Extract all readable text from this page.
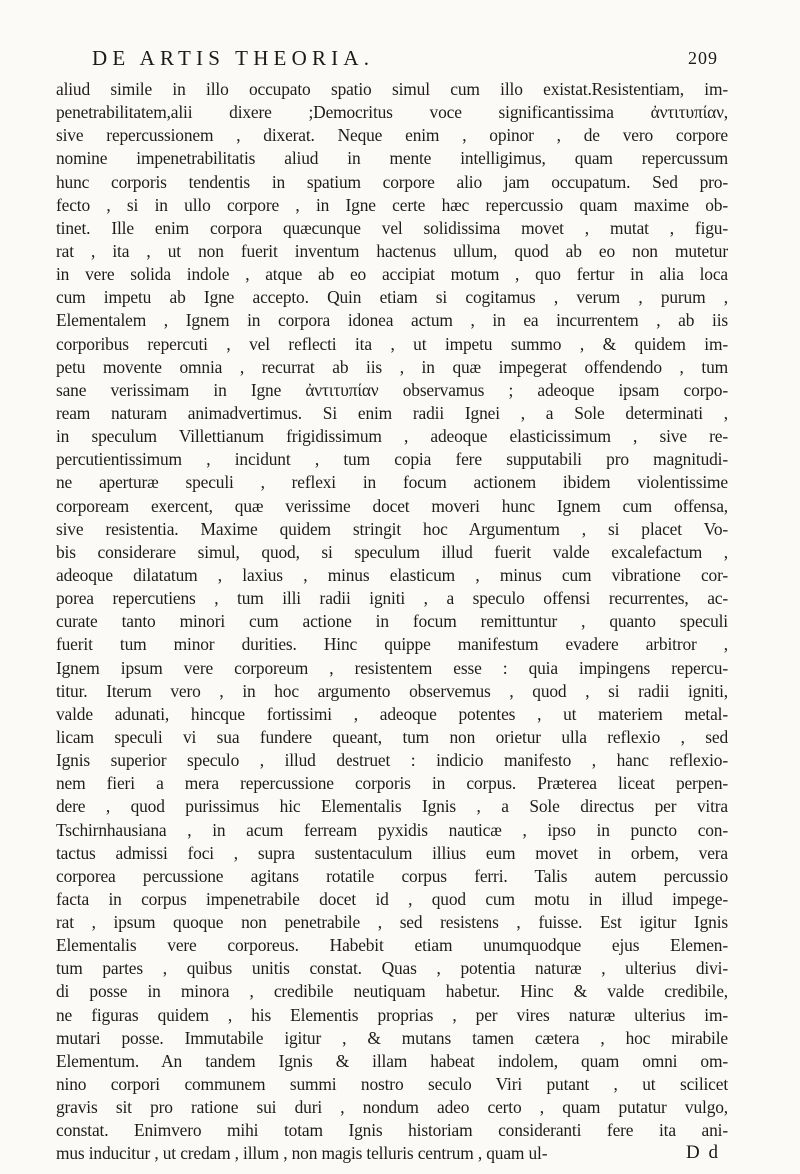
DE ARTIS THEORIA.	209
aliud simile in illo occupato spatio simul cum illo existat.Resistentiam, im-
penetrabilitatem,alii dixere ;Democritus voce significantissima ἀντιτυπίαν,
sive repercussionem , dixerat. Neque enim , opinor , de vero corpore
nomine impenetrabilitatis aliud in mente intelligimus, quam repercussum
hunc corporis tendentis in spatium corpore alio jam occupatum. Sed pro-
fecto , si in ullo corpore , in Igne certe hæc repercussio quam maxime ob-
tinet. Ille enim corpora quæcunque vel solidissima movet , mutat , figu-
rat , ita , ut non fuerit inventum hactenus ullum, quod ab eo non mutetur
in vere solida indole , atque ab eo accipiat motum , quo fertur in alia loca
cum impetu ab Igne accepto. Quin etiam si cogitamus , verum , purum ,
Elementalem , Ignem in corpora idonea actum , in ea incurrentem , ab iis
corporibus repercuti , vel reflecti ita , ut impetu summo , & quidem im-
petu movente omnia , recurrat ab iis , in quæ impegerat offendendo , tum
sane verissimam in Igne ἀντιτυπίαν observamus ; adeoque ipsam corpo-
ream naturam animadvertimus. Si enim radii Ignei , a Sole determinati ,
in speculum Villettianum frigidissimum , adeoque elasticissimum , sive re-
percutientissimum , incidunt , tum copia fere supputabili pro magnitudi-
ne aperturæ speculi , reflexi in focum actionem ibidem violentissime
corpoream exercent, quæ verissime docet moveri hunc Ignem cum offensa,
sive resistentia. Maxime quidem stringit hoc Argumentum , si placet Vo-
bis considerare simul, quod, si speculum illud fuerit valde excalefactum ,
adeoque dilatatum , laxius , minus elasticum , minus cum vibratione cor-
porea repercutiens , tum illi radii igniti , a speculo offensi recurrentes, ac-
curate tanto minori cum actione in focum remittuntur , quanto speculi
fuerit tum minor durities. Hinc quippe manifestum evadere arbitror ,
Ignem ipsum vere corporeum , resistentem esse : quia impingens repercu-
titur. Iterum vero , in hoc argumento observemus , quod , si radii igniti,
valde adunati, hincque fortissimi , adeoque potentes , ut materiem metal-
licam speculi vi sua fundere queant, tum non orietur ulla reflexio , sed
Ignis superior speculo , illud destruet : indicio manifesto , hanc reflexio-
nem fieri a mera repercussione corporis in corpus. Præterea liceat perpen-
dere , quod purissimus hic Elementalis Ignis , a Sole directus per vitra
Tschirnhausiana , in acum ferream pyxidis nauticæ , ipso in puncto con-
tactus admissi foci , supra sustentaculum illius eum movet in orbem, vera
corporea percussione agitans rotatile corpus ferri. Talis autem percussio
facta in corpus impenetrabile docet id , quod cum motu in illud impege-
rat , ipsum quoque non penetrabile , sed resistens , fuisse. Est igitur Ignis
Elementalis vere corporeus. Habebit etiam unumquodque ejus Elemen-
tum partes , quibus unitis constat. Quas , potentia naturæ , ulterius divi-
di posse in minora , credibile neutiquam habetur. Hinc & valde credibile,
ne figuras quidem , his Elementis proprias , per vires naturæ ulterius im-
mutari posse. Immutabile igitur , & mutans tamen cætera , hoc mirabile
Elementum. An tandem Ignis & illam habeat indolem, quam omni om-
nino corpori communem summi nostro seculo Viri putant , ut scilicet
gravis sit pro ratione sui duri , nondum adeo certo , quam putatur vulgo,
constat. Enimvero mihi totam Ignis historiam consideranti fere ita ani-
mus inducitur , ut credam , illum , non magis telluris centrum , quam ul-	D d
